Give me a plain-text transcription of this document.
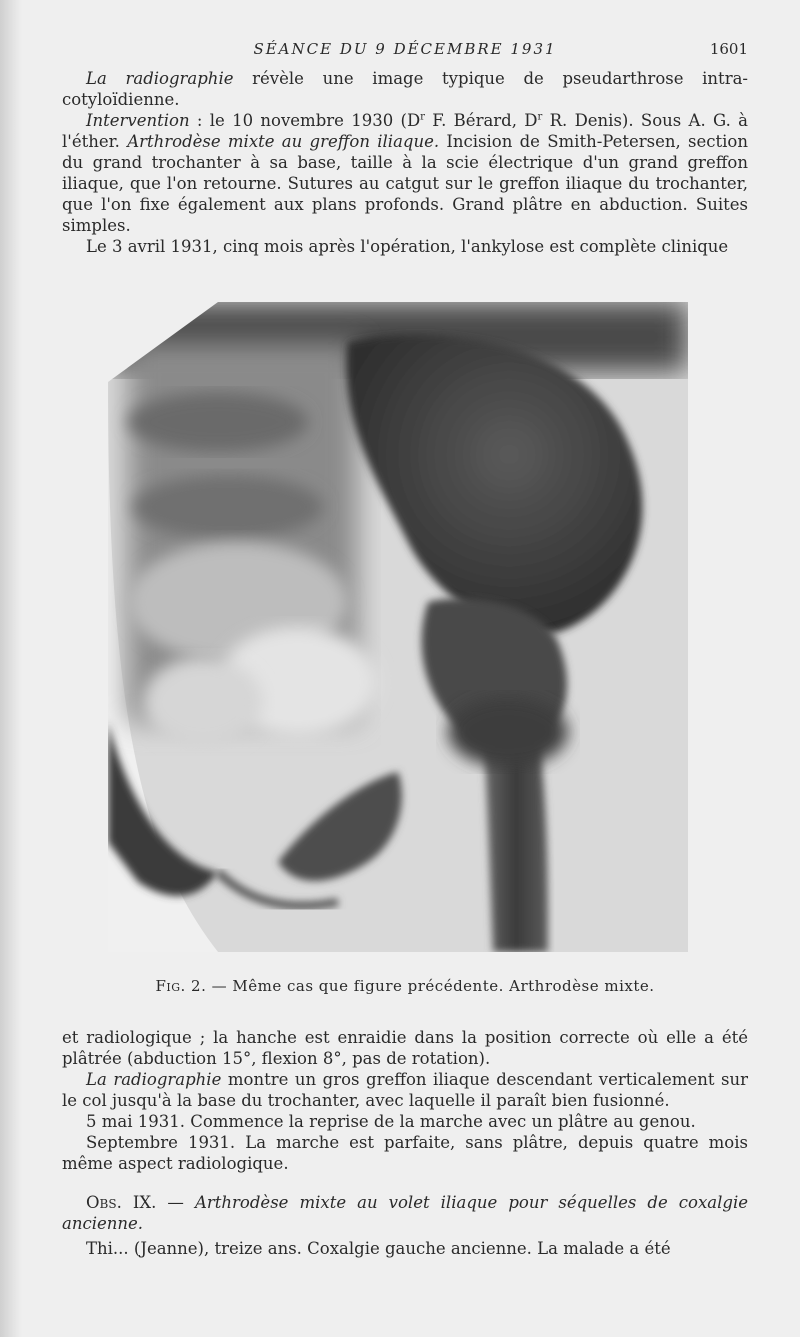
SÉANCE DU 9 DÉCEMBRE 1931	1601

La radiographie révèle une image typique de pseudarthrose intra-cotyloïdienne.

Intervention : le 10 novembre 1930 ($D^r$ F. Bérard, $D^r$ R. Denis). Sous A. G. à l'éther. Arthrodèse mixte au greffon iliaque. Incision de Smith-Petersen, section du grand trochanter à sa base, taille à la scie électrique d'un grand greffon iliaque, que l'on retourne. Sutures au catgut sur le greffon iliaque du trochanter, que l'on fixe également aux plans profonds. Grand plâtre en abduction. Suites simples.

Le 3 avril 1931, cinq mois après l'opération, l'ankylose est complète clinique

Fig. 2. — Même cas que figure précédente. Arthrodèse mixte.

et radiologique ; la hanche est enraidie dans la position correcte où elle a été plâtrée (abduction 15°, flexion 8°, pas de rotation).

La radiographie montre un gros greffon iliaque descendant verticalement sur le col jusqu'à la base du trochanter, avec laquelle il paraît bien fusionné.

5 mai 1931. Commence la reprise de la marche avec un plâtre au genou.

Septembre 1931. La marche est parfaite, sans plâtre, depuis quatre mois même aspect radiologique.

Obs. IX. — Arthrodèse mixte au volet iliaque pour séquelles de coxalgie ancienne.

Thi... (Jeanne), treize ans. Coxalgie gauche ancienne. La malade a été
